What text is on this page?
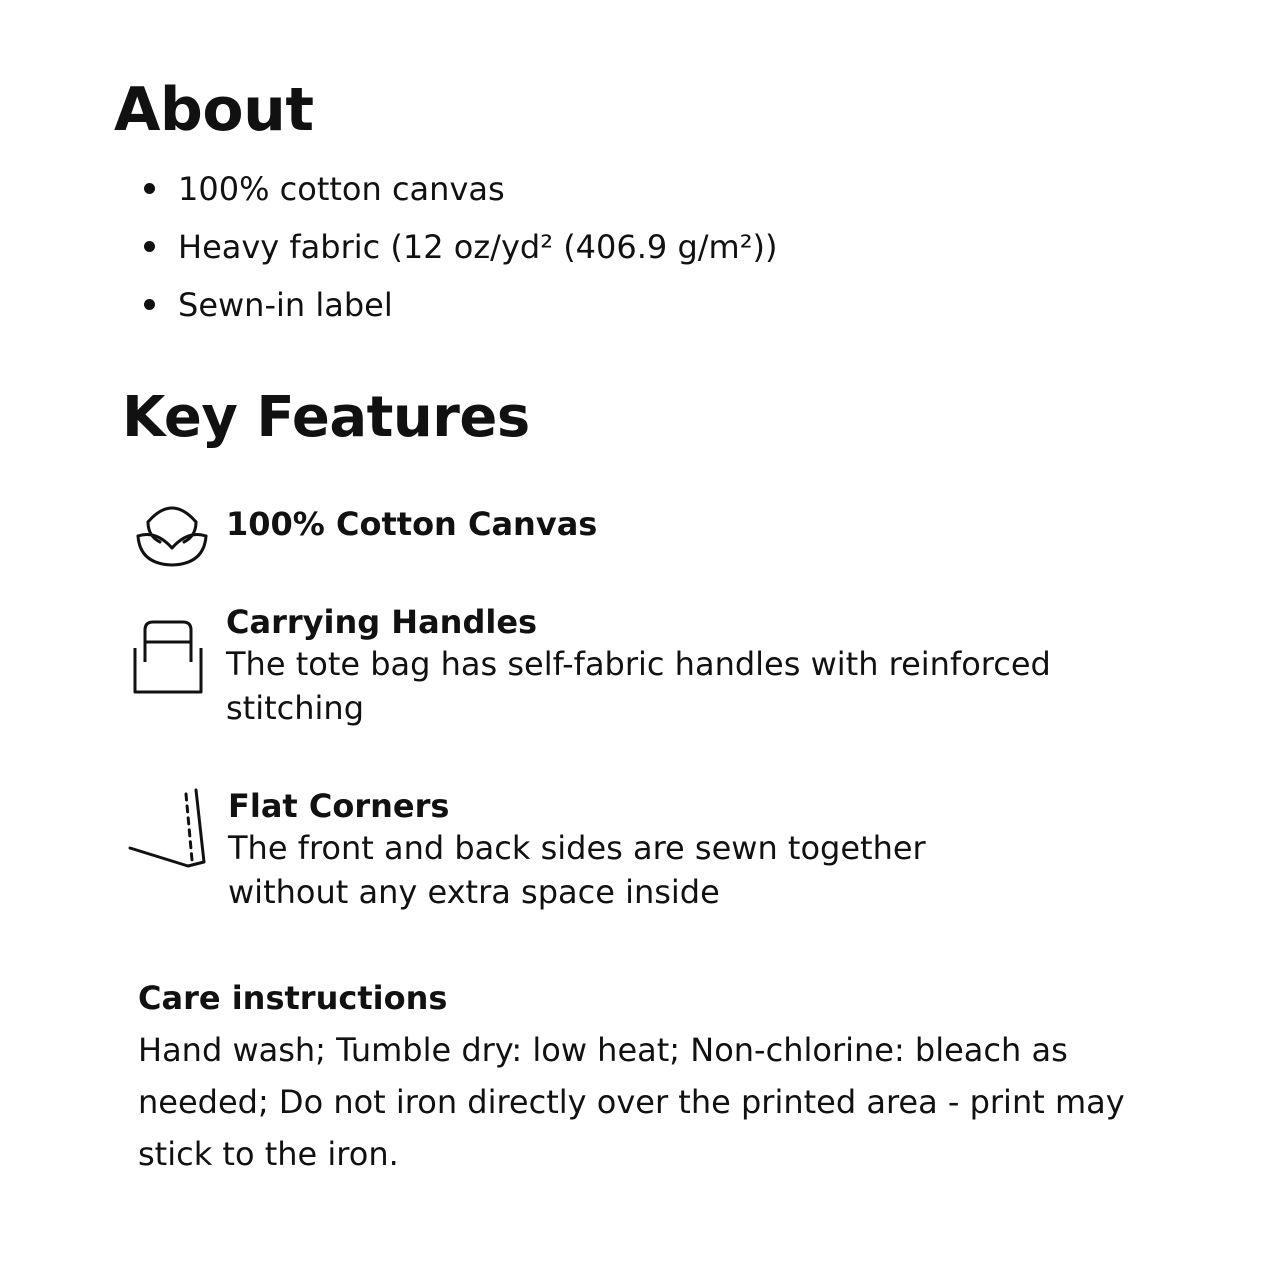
About
100% cotton canvas
Heavy fabric (12 oz/yd² (406.9 g/m²))
Sewn-in label
Key Features

100% Cotton Canvas

Carrying Handles

The tote bag has self-fabric handles with reinforced stitching

Flat Corners

The front and back sides are sewn together without any extra space inside

Care instructions

Hand wash; Tumble dry: low heat; Non-chlorine: bleach as needed; Do not iron directly over the printed area - print may stick to the iron.
